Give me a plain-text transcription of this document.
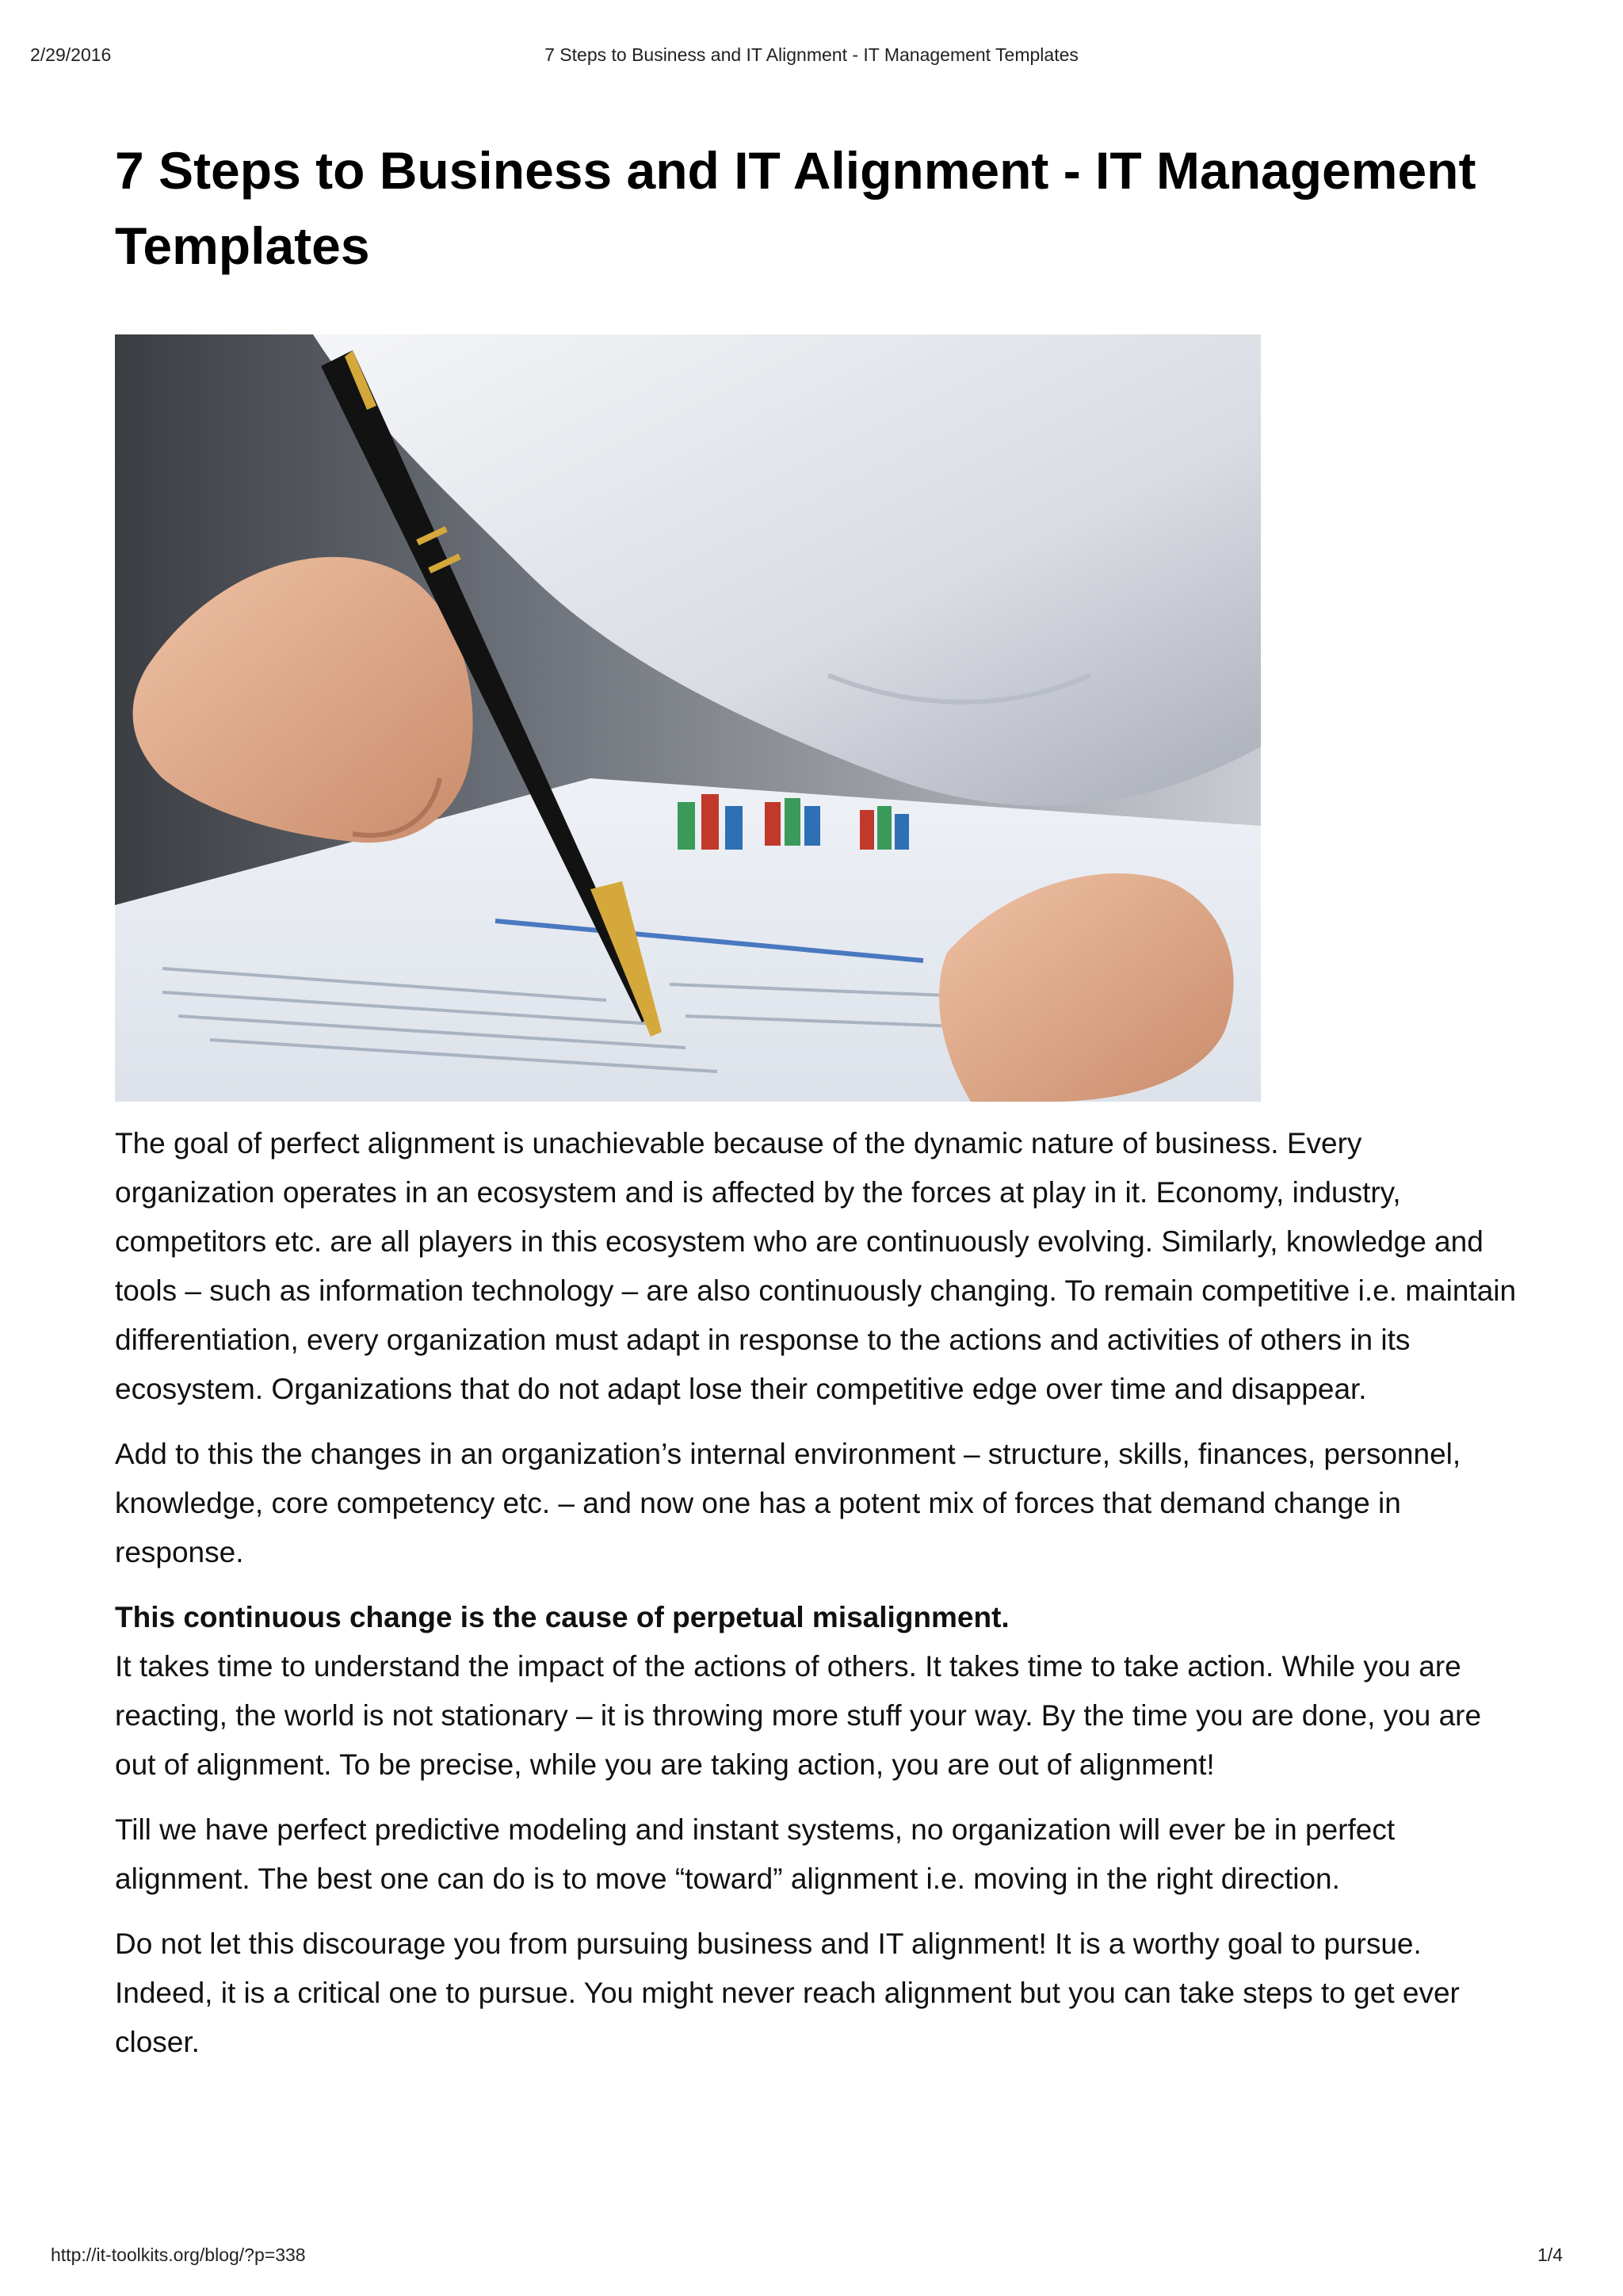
2/29/2016	7 Steps to Business and IT Alignment - IT Management Templates
7 Steps to Business and IT Alignment - IT Management Templates

The goal of perfect alignment is unachievable because of the dynamic nature of business. Every organization operates in an ecosystem and is affected by the forces at play in it. Economy, industry, competitors etc. are all players in this ecosystem who are continuously evolving. Similarly, knowledge and tools – such as information technology – are also continuously changing. To remain competitive i.e. maintain differentiation, every organization must adapt in response to the actions and activities of others in its ecosystem. Organizations that do not adapt lose their competitive edge over time and disappear.

Add to this the changes in an organization’s internal environment – structure, skills, finances, personnel, knowledge, core competency etc. – and now one has a potent mix of forces that demand change in response.

This continuous change is the cause of perpetual misalignment.
It takes time to understand the impact of the actions of others. It takes time to take action. While you are reacting, the world is not stationary – it is throwing more stuff your way. By the time you are done, you are out of alignment. To be precise, while you are taking action, you are out of alignment!

Till we have perfect predictive modeling and instant systems, no organization will ever be in perfect alignment. The best one can do is to move “toward” alignment i.e. moving in the right direction.

Do not let this discourage you from pursuing business and IT alignment! It is a worthy goal to pursue. Indeed, it is a critical one to pursue. You might never reach alignment but you can take steps to get ever closer.

http://it-toolkits.org/blog/?p=338	1/4
